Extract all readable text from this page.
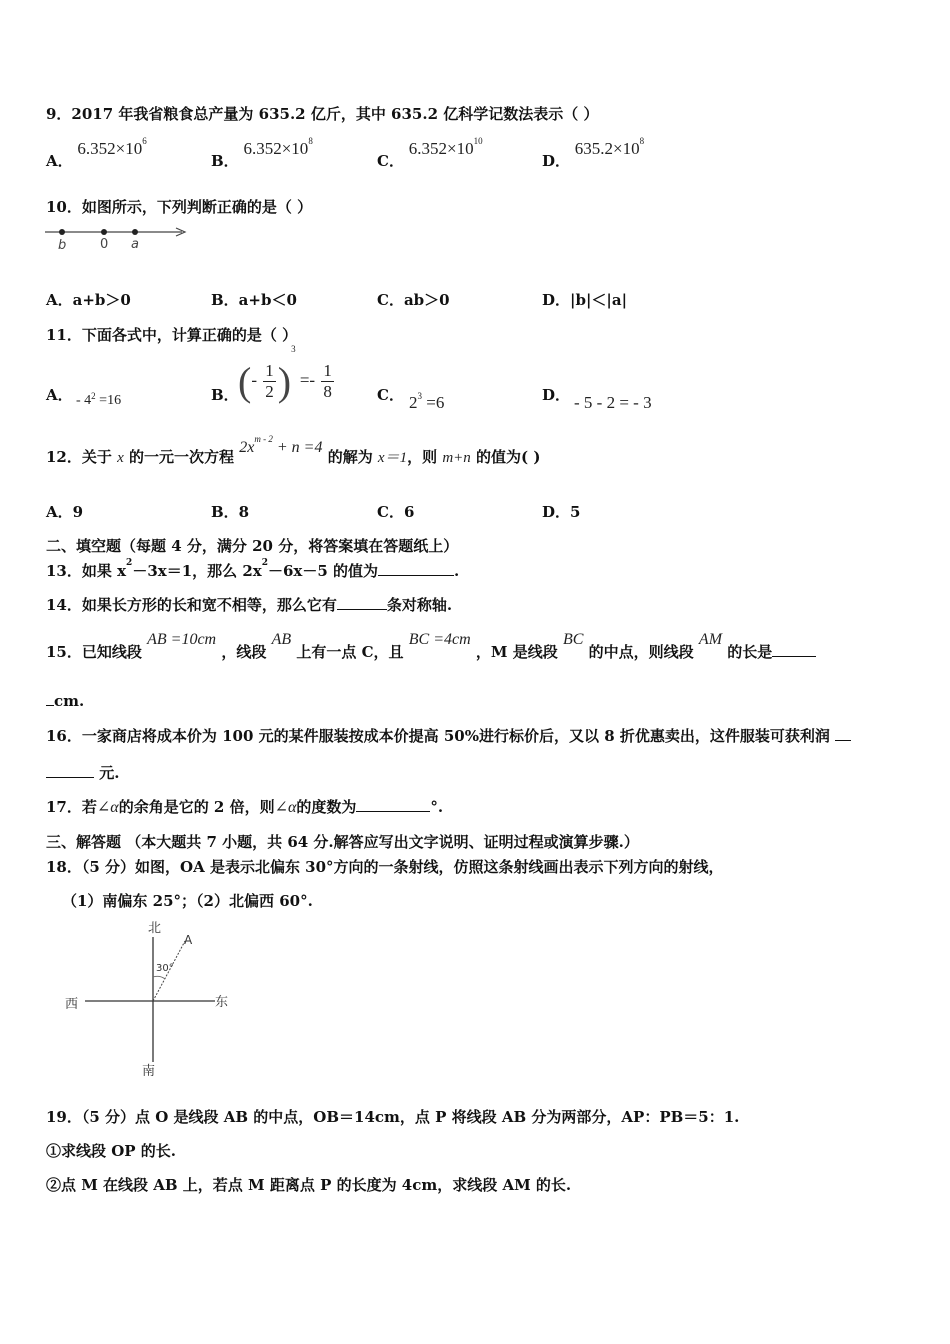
9．2017 年我省粮食总产量为 635.2 亿斤，其中 635.2 亿科学记数法表示（ ）
A． $6.352\times 10^6$
B． $6.352\times 10^8$
C． $6.352\times 10^{10}$
D． $635.2\times 10^8$
10．如图所示，下列判断正确的是（ ）
b	0 a
A．a+b＞0	B．a+b＜0	C．ab＞0	D．|b|＜|a|
11．下面各式中，计算正确的是（ ）
A． - $4^2 =16$	B． (- $\frac{1}{2} )^3 =- \frac{1}{8}$	C． $2^3 =6$	D． - 5 - 2 = - 3
12．关于 x 的一元一次方程 $2x^{m - 2} + n =4$ 的解为 x＝1，则 m+n 的值为( )
A．9	B．8	C．6	D．5
二、填空题（每题 4 分，满分 20 分，将答案填在答题纸上）
13．如果 $x^2-3x=1$，那么 $2x^2-6x-5$ 的值为	.
14．如果长方形的长和宽不相等，那么它有	条对称轴.
15．已知线段 AB =10cm ，线段 AB 上有一点 C，且 BC =4cm ，M 是线段 BC 的中点，则线段 AM 的长是
cm.
16．一家商店将成本价为 100 元的某件服装按成本价提高 50%进行标价后，又以 8 折优惠卖出，这件服装可获利润
元.
17．若∠α的余角是它的 2 倍，则∠α的度数为	°.
三、解答题 （本大题共 7 小题，共 64 分.解答应写出文字说明、证明过程或演算步骤.）
18．（5 分）如图，OA 是表示北偏东 30°方向的一条射线，仿照这条射线画出表示下列方向的射线，
（1）南偏东 25°；（2）北偏西 60°.
北
南
东
西
A
30°
19．（5 分）点 O 是线段 AB 的中点，OB＝14cm，点 P 将线段 AB 分为两部分，AP：PB＝5：1.
①求线段 OP 的长.
②点 M 在线段 AB 上，若点 M 距离点 P 的长度为 4cm，求线段 AM 的长.
